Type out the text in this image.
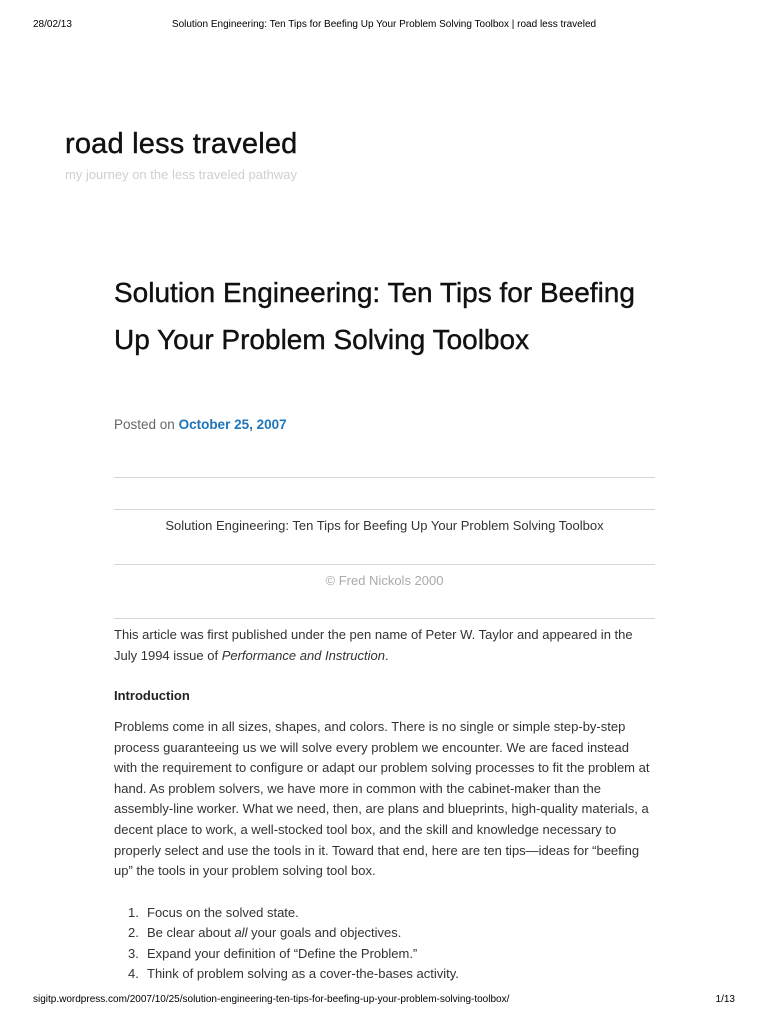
28/02/13	Solution Engineering: Ten Tips for Beefing Up Your Problem Solving Toolbox | road less traveled
road less traveled
my journey on the less traveled pathway
Solution Engineering: Ten Tips for Beefing Up Your Problem Solving Toolbox
Posted on October 25, 2007
Solution Engineering: Ten Tips for Beefing Up Your Problem Solving Toolbox
© Fred Nickols 2000

This article was first published under the pen name of Peter W. Taylor and appeared in the July 1994 issue of Performance and Instruction.

Introduction

Problems come in all sizes, shapes, and colors. There is no single or simple step-by-step process guaranteeing us we will solve every problem we encounter. We are faced instead with the requirement to configure or adapt our problem solving processes to fit the problem at hand. As problem solvers, we have more in common with the cabinet-maker than the assembly-line worker. What we need, then, are plans and blueprints, high-quality materials, a decent place to work, a well-stocked tool box, and the skill and knowledge necessary to properly select and use the tools in it. Toward that end, here are ten tips—ideas for “beefing up” the tools in your problem solving tool box.

1. Focus on the solved state.
2. Be clear about all your goals and objectives.
3. Expand your definition of “Define the Problem.”
4. Think of problem solving as a cover-the-bases activity.
sigitp.wordpress.com/2007/10/25/solution-engineering-ten-tips-for-beefing-up-your-problem-solving-toolbox/	1/13
